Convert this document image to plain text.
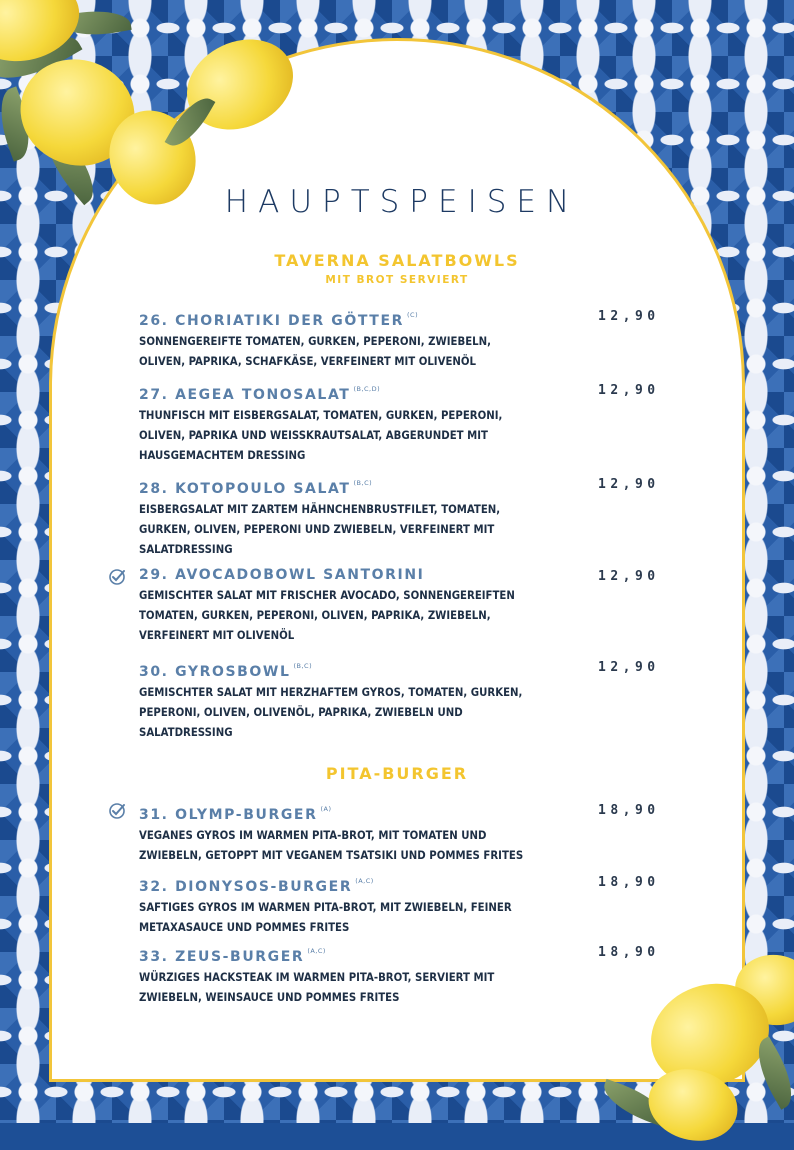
HAUPTSPEISEN
TAVERNA SALATBOWLS
MIT BROT SERVIERT
26. CHORIATIKI DER GÖTTER $^{(C)}$
SONNENGEREIFTE TOMATEN, GURKEN, PEPERONI, ZWIEBELN,
OLIVEN, PAPRIKA, SCHAFKÄSE, VERFEINERT MIT OLIVENÖL
12,90
27. AEGEA TONOSALAT $^{(B,C,D)}$
THUNFISCH MIT EISBERGSALAT, TOMATEN, GURKEN, PEPERONI,
OLIVEN, PAPRIKA UND WEISSKRAUTSALAT, ABGERUNDET MIT
HAUSGEMACHTEM DRESSING
12,90
28. KOTOPOULO SALAT $^{(B,C)}$
EISBERGSALAT MIT ZARTEM HÄHNCHENBRUSTFILET, TOMATEN,
GURKEN, OLIVEN, PEPERONI UND ZWIEBELN, VERFEINERT MIT
SALATDRESSING
12,90
29. AVOCADOBOWL SANTORINI
GEMISCHTER SALAT MIT FRISCHER AVOCADO, SONNENGEREIFTEN
TOMATEN, GURKEN, PEPERONI, OLIVEN, PAPRIKA, ZWIEBELN,
VERFEINERT MIT OLIVENÖL
12,90
30. GYROSBOWL $^{(B,C)}$
GEMISCHTER SALAT MIT HERZHAFTEM GYROS, TOMATEN, GURKEN,
PEPERONI, OLIVEN, OLIVENÖL, PAPRIKA, ZWIEBELN UND
SALATDRESSING
12,90
PITA-BURGER
31. OLYMP-BURGER $^{(A)}$
VEGANES GYROS IM WARMEN PITA-BROT, MIT TOMATEN UND
ZWIEBELN, GETOPPT MIT VEGANEM TSATSIKI UND POMMES FRITES
18,90
32. DIONYSOS-BURGER $^{(A,C)}$
SAFTIGES GYROS IM WARMEN PITA-BROT, MIT ZWIEBELN, FEINER
METAXASAUCE UND POMMES FRITES
18,90
33. ZEUS-BURGER $^{(A,C)}$
WÜRZIGES HACKSTEAK IM WARMEN PITA-BROT, SERVIERT MIT
ZWIEBELN, WEINSAUCE UND POMMES FRITES
18,90
